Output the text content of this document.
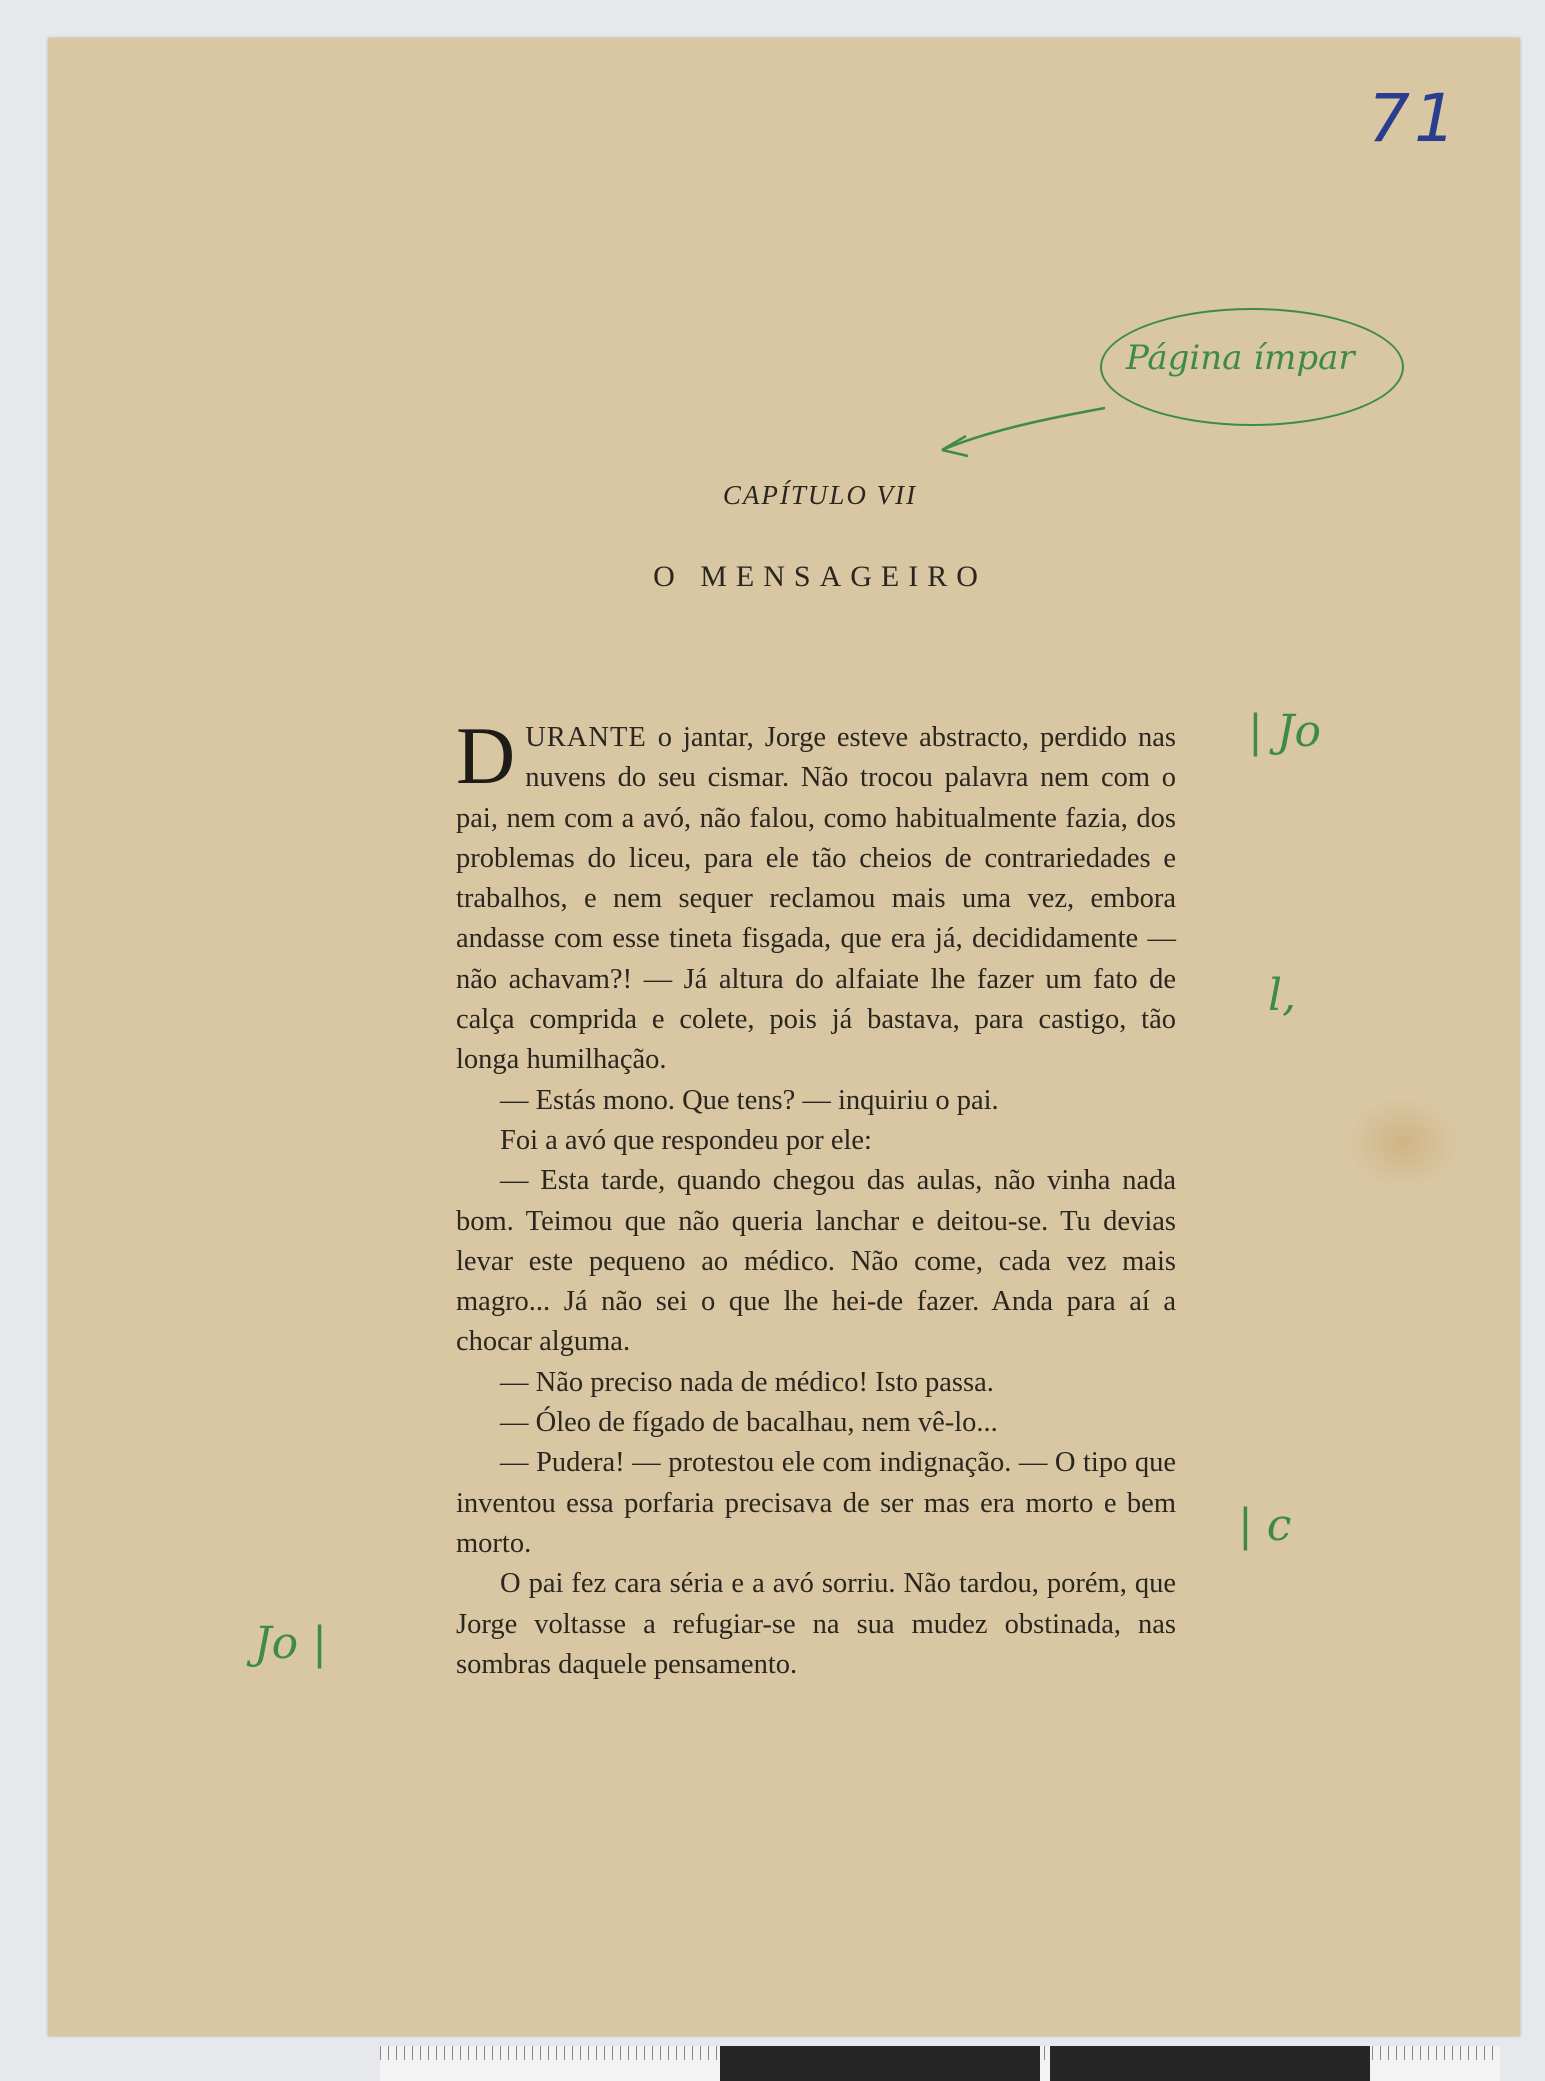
71
Página ímpar
CAPÍTULO VII
O MENSAGEIRO

DURANTE o jantar, Jorge esteve abstracto, perdido nas nuvens do seu cismar. Não trocou palavra nem com o pai, nem com a avó, não falou, como habitualmente fazia, dos problemas do liceu, para ele tão cheios de contrariedades e trabalhos, e nem sequer reclamou mais uma vez, embora andasse com esse tineta fisgada, que era já, decididamente — não achavam?! — Já altura do alfaiate lhe fazer um fato de calça comprida e colete, pois já bastava, para castigo, tão longa humilhação.

— Estás mono. Que tens? — inquiriu o pai.

Foi a avó que respondeu por ele:

— Esta tarde, quando chegou das aulas, não vinha nada bom. Teimou que não queria lanchar e deitou-se. Tu devias levar este pequeno ao médico. Não come, cada vez mais magro... Já não sei o que lhe hei-de fazer. Anda para aí a chocar alguma.

— Não preciso nada de médico! Isto passa.

— Óleo de fígado de bacalhau, nem vê-lo...

— Pudera! — protestou ele com indignação. — O tipo que inventou essa porfaria precisava de ser mas era morto e bem morto.

O pai fez cara séria e a avó sorriu. Não tardou, porém, que Jorge voltasse a refugiar-se na sua mudez obstinada, nas sombras daquele pensamento.

| Jo
l,
| c
Jo |
